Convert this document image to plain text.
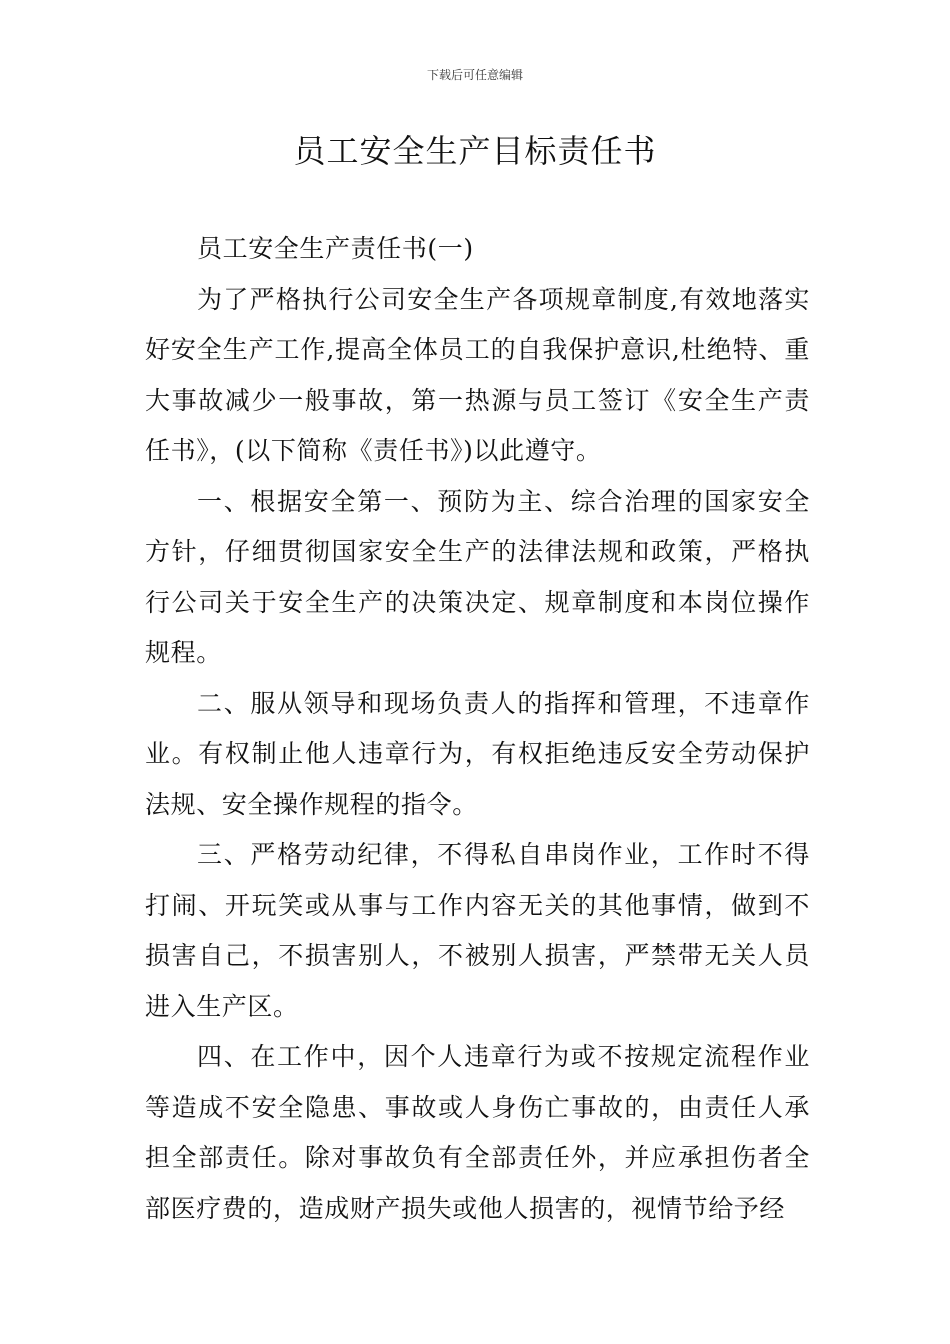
下载后可任意编辑
员工安全生产目标责任书

员工安全生产责任书(一)

为了严格执行公司安全生产各项规章制度,有效地落实好安全生产工作,提高全体员工的自我保护意识,杜绝特、重大事故减少一般事故，第一热源与员工签订《安全生产责任书》，(以下简称《责任书》)以此遵守。

一、根据安全第一、预防为主、综合治理的国家安全方针，仔细贯彻国家安全生产的法律法规和政策，严格执行公司关于安全生产的决策决定、规章制度和本岗位操作规程。

二、服从领导和现场负责人的指挥和管理，不违章作业。有权制止他人违章行为，有权拒绝违反安全劳动保护法规、安全操作规程的指令。

三、严格劳动纪律，不得私自串岗作业，工作时不得打闹、开玩笑或从事与工作内容无关的其他事情，做到不损害自己，不损害别人，不被别人损害，严禁带无关人员进入生产区。

四、在工作中，因个人违章行为或不按规定流程作业等造成不安全隐患、事故或人身伤亡事故的，由责任人承担全部责任。除对事故负有全部责任外，并应承担伤者全部医疗费的，造成财产损失或他人损害的，视情节给予经
